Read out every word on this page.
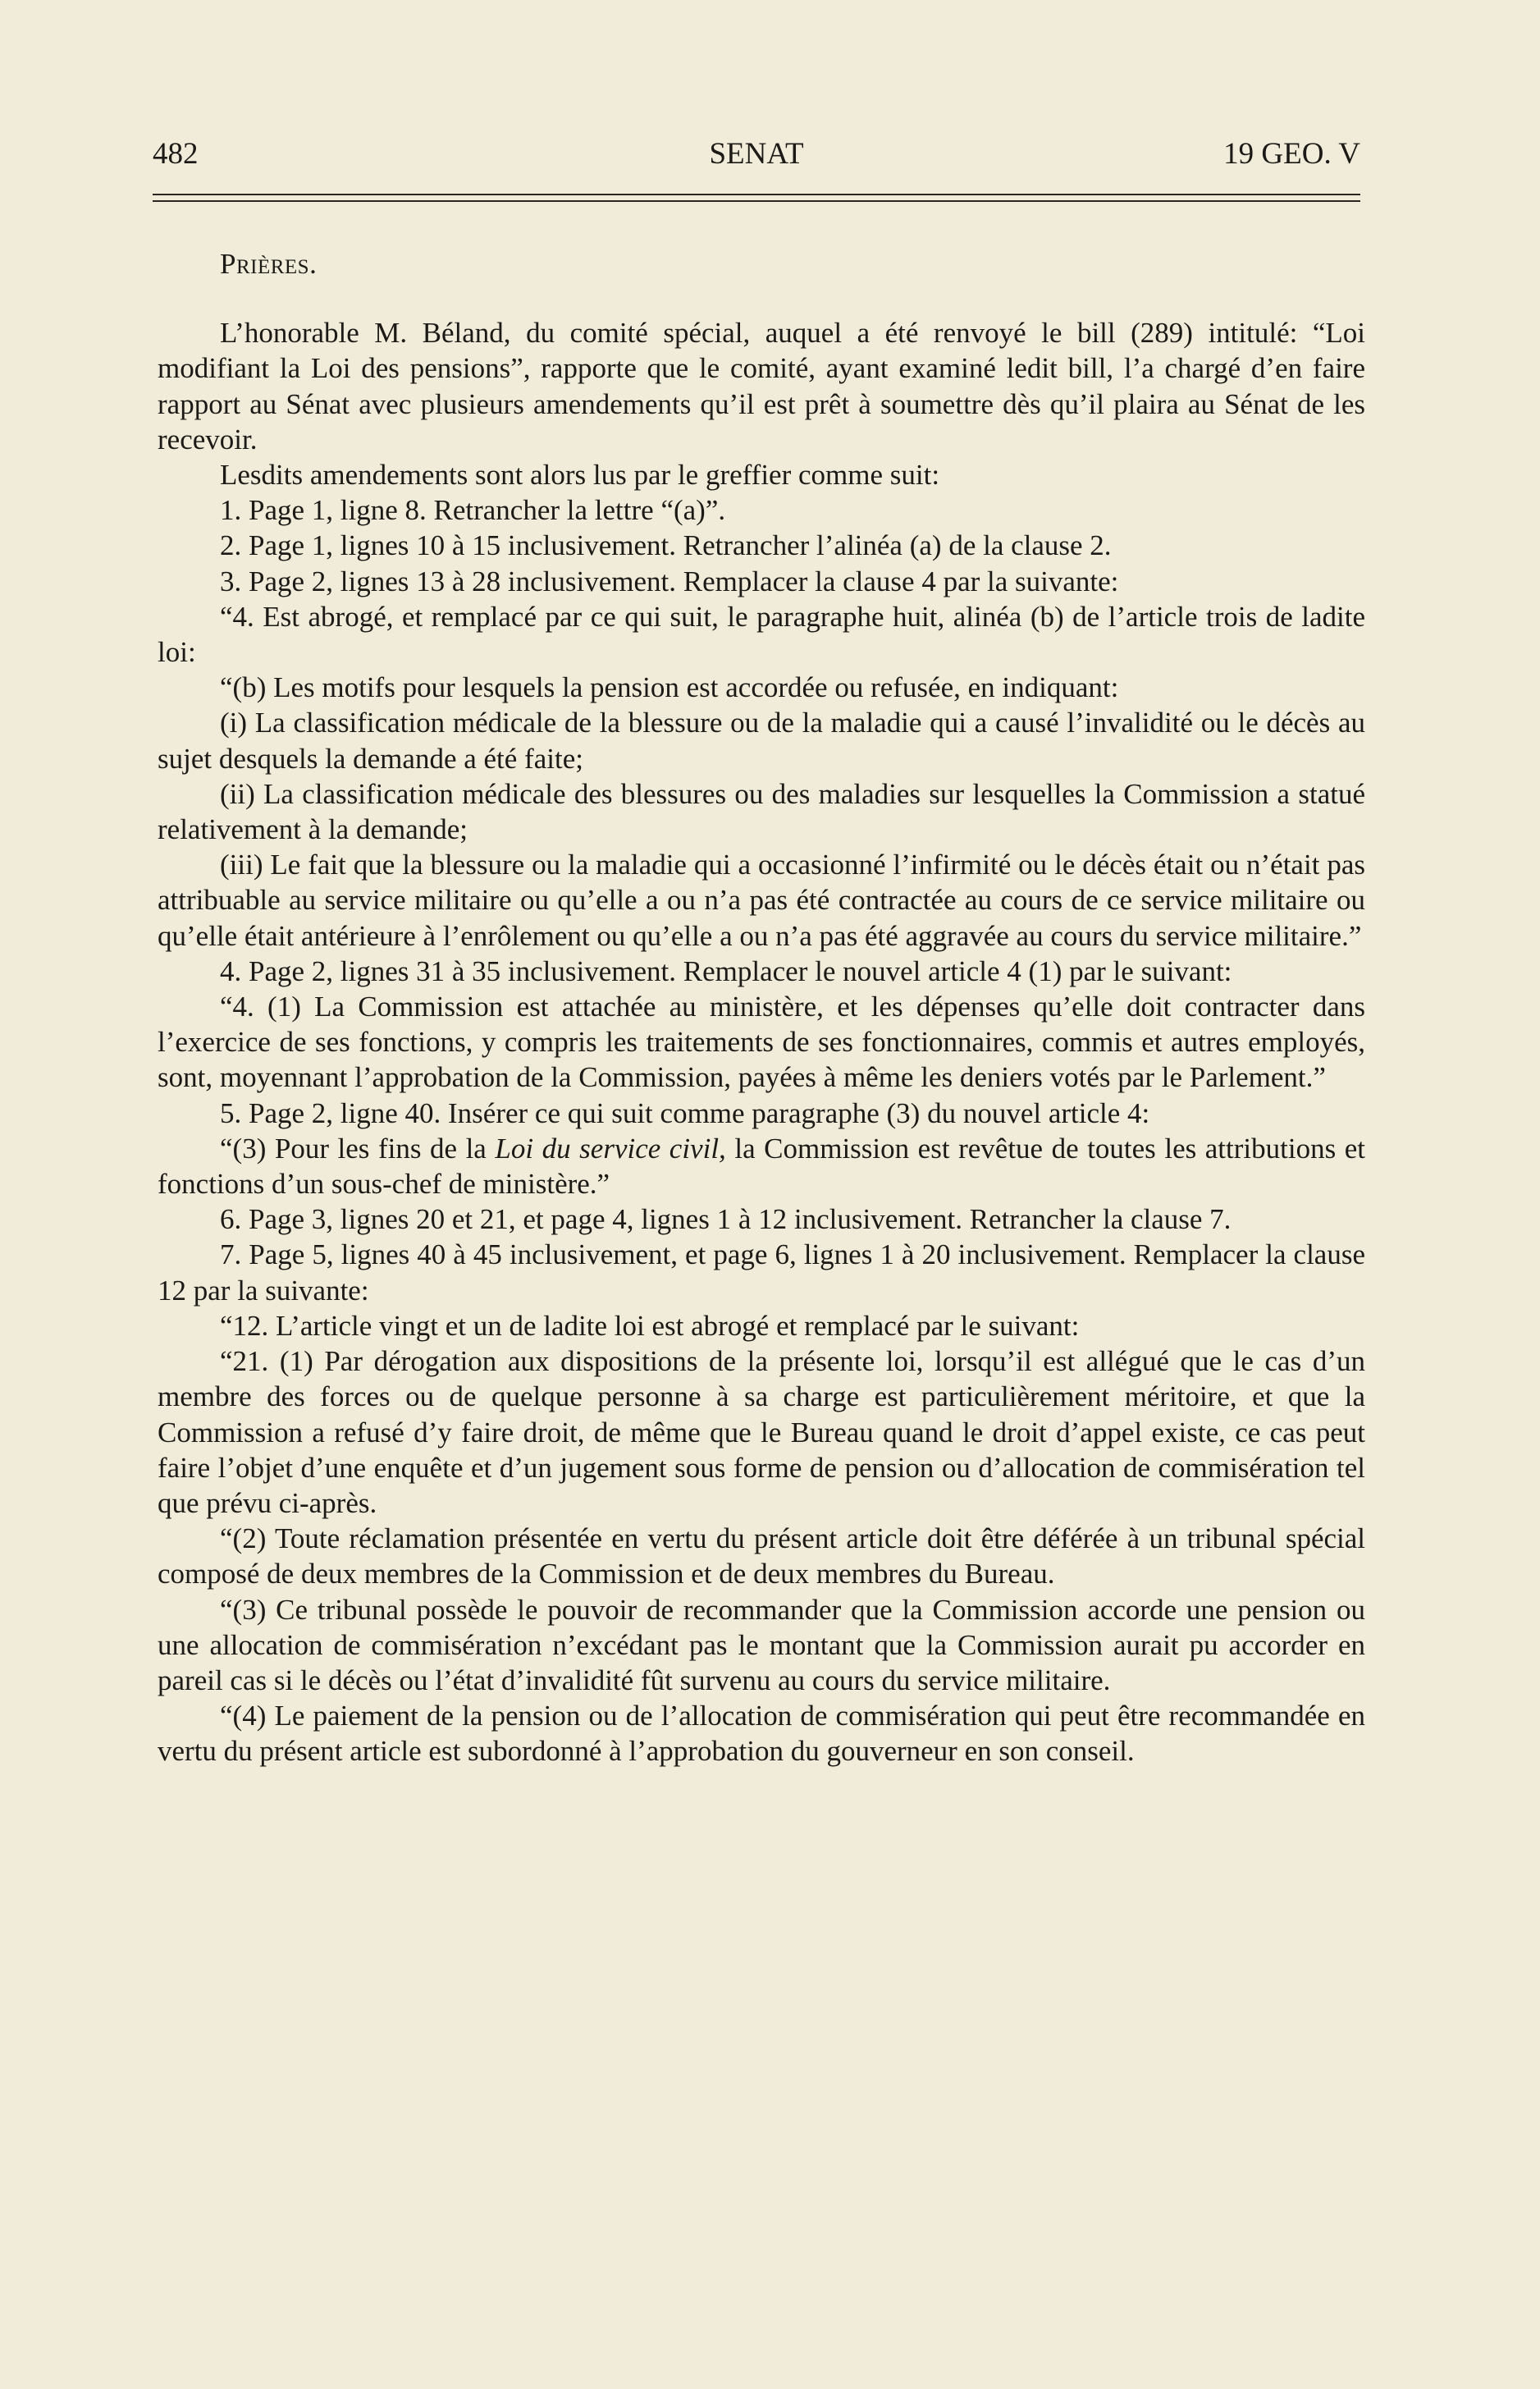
482	SENAT	19 GEO. V
Prières.

L’honorable M. Béland, du comité spécial, auquel a été renvoyé le bill (289) intitulé: “Loi modifiant la Loi des pensions”, rapporte que le comité, ayant examiné ledit bill, l’a chargé d’en faire rapport au Sénat avec plusieurs amendements qu’il est prêt à soumettre dès qu’il plaira au Sénat de les recevoir.

Lesdits amendements sont alors lus par le greffier comme suit:

1. Page 1, ligne 8. Retrancher la lettre “(a)”.

2. Page 1, lignes 10 à 15 inclusivement. Retrancher l’alinéa (a) de la clause 2.

3. Page 2, lignes 13 à 28 inclusivement. Remplacer la clause 4 par la suivante:

“4. Est abrogé, et remplacé par ce qui suit, le paragraphe huit, alinéa (b) de l’article trois de ladite loi:

“(b) Les motifs pour lesquels la pension est accordée ou refusée, en indiquant:

(i) La classification médicale de la blessure ou de la maladie qui a causé l’invalidité ou le décès au sujet desquels la demande a été faite;

(ii) La classification médicale des blessures ou des maladies sur lesquelles la Commission a statué relativement à la demande;

(iii) Le fait que la blessure ou la maladie qui a occasionné l’infirmité ou le décès était ou n’était pas attribuable au service militaire ou qu’elle a ou n’a pas été contractée au cours de ce service militaire ou qu’elle était antérieure à l’enrôlement ou qu’elle a ou n’a pas été aggravée au cours du service militaire.”

4. Page 2, lignes 31 à 35 inclusivement. Remplacer le nouvel article 4 (1) par le suivant:

“4. (1) La Commission est attachée au ministère, et les dépenses qu’elle doit contracter dans l’exercice de ses fonctions, y compris les traitements de ses fonctionnaires, commis et autres employés, sont, moyennant l’approbation de la Commission, payées à même les deniers votés par le Parlement.”

5. Page 2, ligne 40. Insérer ce qui suit comme paragraphe (3) du nouvel article 4:

“(3) Pour les fins de la Loi du service civil, la Commission est revêtue de toutes les attributions et fonctions d’un sous-chef de ministère.”

6. Page 3, lignes 20 et 21, et page 4, lignes 1 à 12 inclusivement. Retrancher la clause 7.

7. Page 5, lignes 40 à 45 inclusivement, et page 6, lignes 1 à 20 inclusivement. Remplacer la clause 12 par la suivante:

“12. L’article vingt et un de ladite loi est abrogé et remplacé par le suivant:

“21. (1) Par dérogation aux dispositions de la présente loi, lorsqu’il est allégué que le cas d’un membre des forces ou de quelque personne à sa charge est particulièrement méritoire, et que la Commission a refusé d’y faire droit, de même que le Bureau quand le droit d’appel existe, ce cas peut faire l’objet d’une enquête et d’un jugement sous forme de pension ou d’allocation de commisération tel que prévu ci-après.

“(2) Toute réclamation présentée en vertu du présent article doit être déférée à un tribunal spécial composé de deux membres de la Commission et de deux membres du Bureau.

“(3) Ce tribunal possède le pouvoir de recommander que la Commission accorde une pension ou une allocation de commisération n’excédant pas le montant que la Commission aurait pu accorder en pareil cas si le décès ou l’état d’invalidité fût survenu au cours du service militaire.

“(4) Le paiement de la pension ou de l’allocation de commisération qui peut être recommandée en vertu du présent article est subordonné à l’approbation du gouverneur en son conseil.
